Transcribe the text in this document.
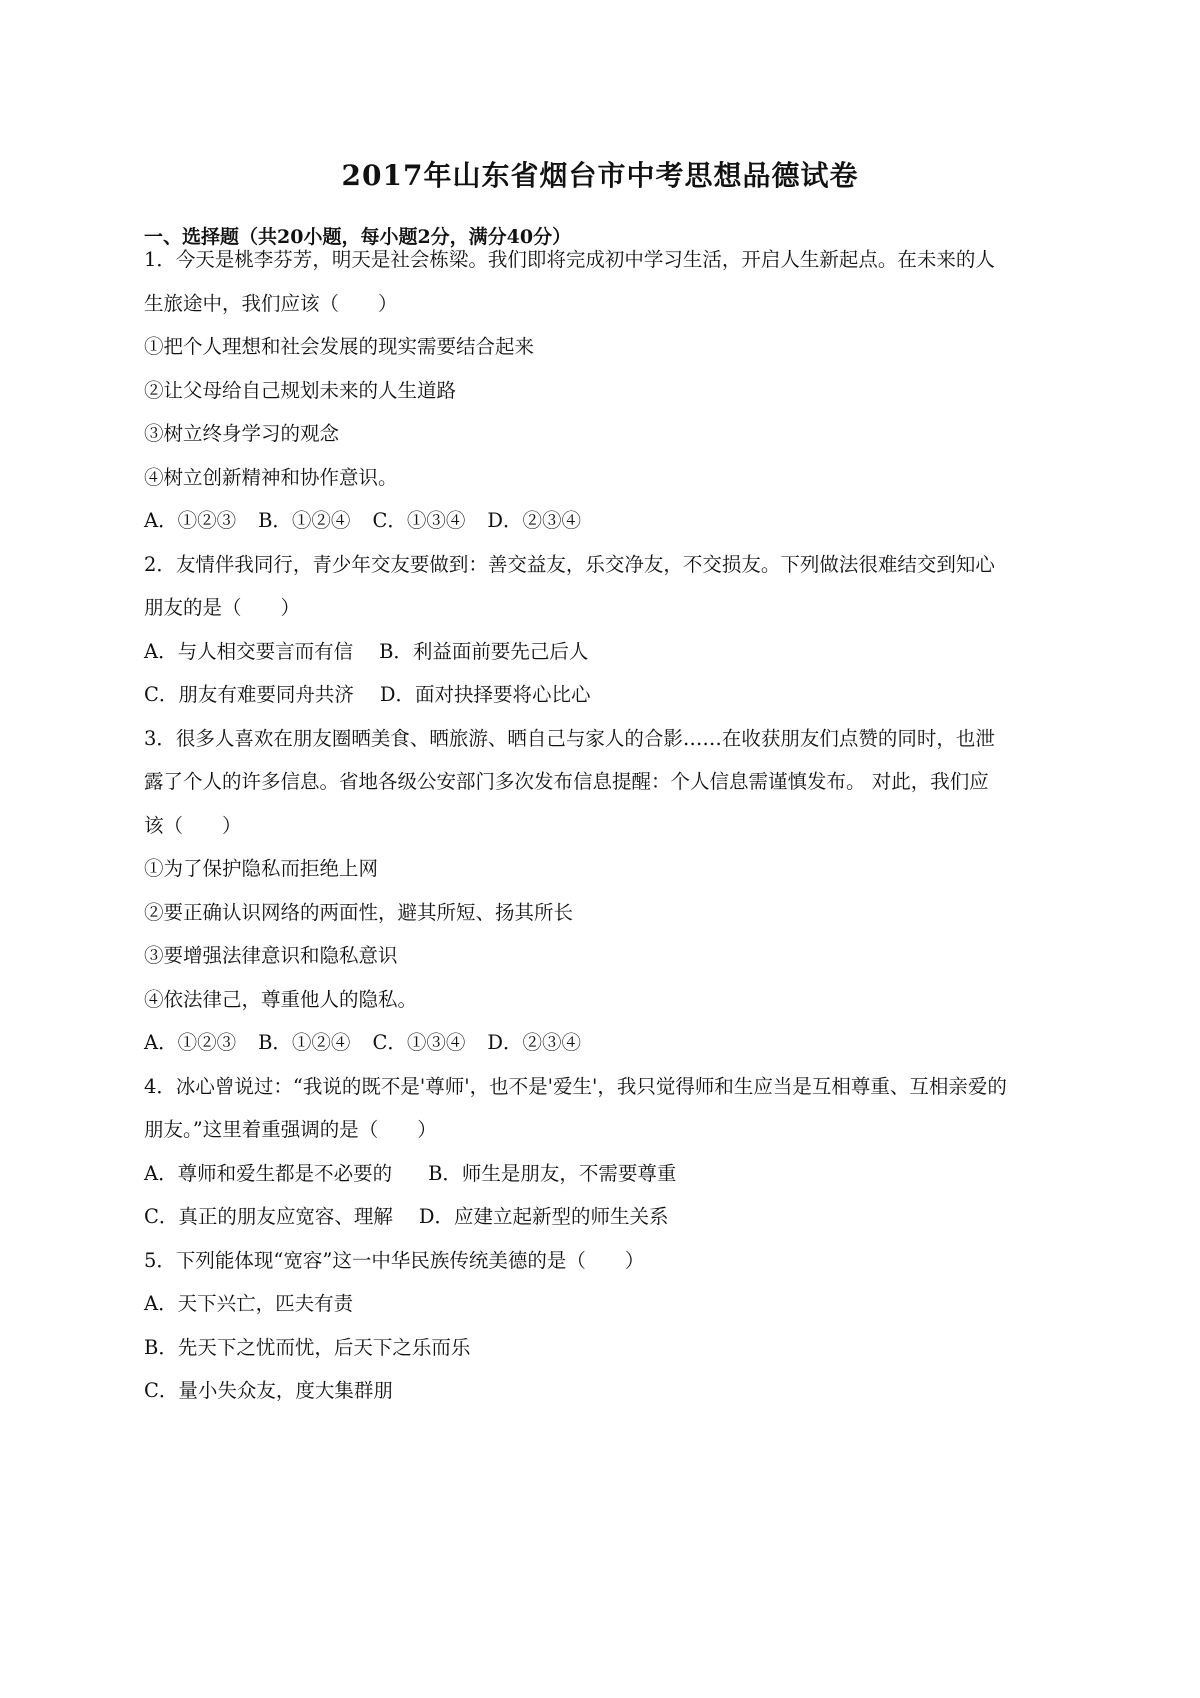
2017年山东省烟台市中考思想品德试卷
一、选择题（共20小题，每小题2分，满分40分）
1．今天是桃李芬芳，明天是社会栋梁。我们即将完成初中学习生活，开启人生新起点。在未来的人
生旅途中，我们应该（　　）
①把个人理想和社会发展的现实需要结合起来
②让父母给自己规划未来的人生道路
③树立终身学习的观念
④树立创新精神和协作意识。
A．①②③ B．①②④ C．①③④ D．②③④
2．友情伴我同行，青少年交友要做到：善交益友，乐交净友，不交损友。下列做法很难结交到知心
朋友的是（　　）
A．与人相交要言而有信 B．利益面前要先己后人
C．朋友有难要同舟共济 D．面对抉择要将心比心
3．很多人喜欢在朋友圈晒美食、晒旅游、晒自己与家人的合影……在收获朋友们点赞的同时，也泄
露了个人的许多信息。省地各级公安部门多次发布信息提醒：个人信息需谨慎发布。 对此，我们应
该（　　）
①为了保护隐私而拒绝上网
②要正确认识网络的两面性，避其所短、扬其所长
③要增强法律意识和隐私意识
④依法律己，尊重他人的隐私。
A．①②③ B．①②④ C．①③④ D．②③④
4．冰心曾说过：“我说的既不是'尊师'，也不是'爱生'，我只觉得师和生应当是互相尊重、互相亲爱的
朋友。”这里着重强调的是（　　）
A．尊师和爱生都是不必要的 B．师生是朋友，不需要尊重
C．真正的朋友应宽容、理解 D．应建立起新型的师生关系
5．下列能体现“宽容”这一中华民族传统美德的是（　　）
A．天下兴亡，匹夫有责
B．先天下之忧而忧，后天下之乐而乐
C．量小失众友，度大集群朋
